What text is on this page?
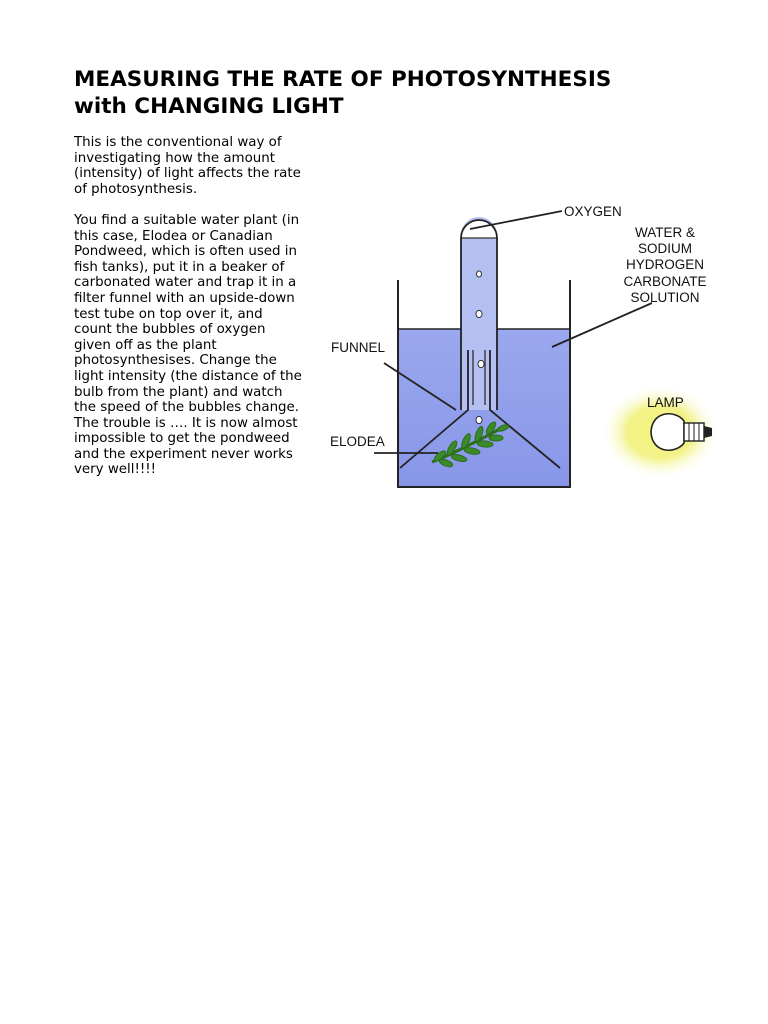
MEASURING THE RATE OF PHOTOSYNTHESIS
with CHANGING LIGHT

This is the conventional way of
investigating how the amount
(intensity) of light affects the rate
of photosynthesis.

You find a suitable water plant (in
this case, Elodea or Canadian
Pondweed, which is often used in
fish tanks), put it in a beaker of
carbonated water and trap it in a
filter funnel with an upside-down
test tube on top over it, and
count the bubbles of oxygen
given off as the plant
photosynthesises. Change the
light intensity (the distance of the
bulb from the plant) and watch
the speed of the bubbles change.
The trouble is …. It is now almost
impossible to get the pondweed
and the experiment never works
very well!!!!

OXYGEN
WATER &
SODIUM
HYDROGEN
CARBONATE
SOLUTION
FUNNEL
ELODEA
LAMP
